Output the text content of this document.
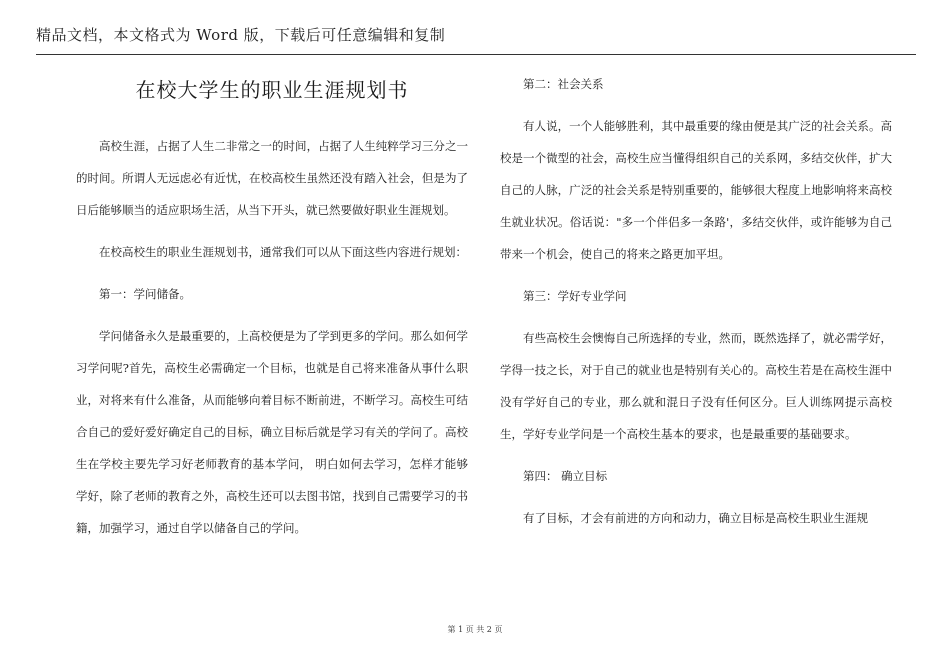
精品文档，本文格式为 Word 版，下载后可任意编辑和复制
在校大学生的职业生涯规划书

高校生涯，占据了人生二非常之一的时间，占据了人生纯粹学习三分之一的时间。所谓人无远虑必有近忧，在校高校生虽然还没有踏入社会，但是为了日后能够顺当的适应职场生活，从当下开头，就已然要做好职业生涯规划。

在校高校生的职业生涯规划书，通常我们可以从下面这些内容进行规划：

第一：学问储备。

学问储备永久是最重要的，上高校便是为了学到更多的学问。那么如何学习学问呢?首先，高校生必需确定一个目标，也就是自己将来准备从事什么职业，对将来有什么准备，从而能够向着目标不断前进，不断学习。高校生可结合自己的爱好爱好确定自己的目标，确立目标后就是学习有关的学问了。高校生在学校主要先学习好老师教育的基本学问， 明白如何去学习，怎样才能够学好，除了老师的教育之外，高校生还可以去图书馆，找到自己需要学习的书籍，加强学习，通过自学以储备自己的学问。

第二：社会关系

有人说，一个人能够胜利，其中最重要的缘由便是其广泛的社会关系。高校是一个微型的社会，高校生应当懂得组织自己的关系网，多结交伙伴，扩大自己的人脉，广泛的社会关系是特别重要的，能够很大程度上地影响将来高校生就业状况。俗话说："多一个伴侣多一条路'，多结交伙伴，或许能够为自己带来一个机会，使自己的将来之路更加平坦。

第三：学好专业学问

有些高校生会懊悔自己所选择的专业，然而，既然选择了，就必需学好，学得一技之长，对于自己的就业也是特别有关心的。高校生若是在高校生涯中没有学好自己的专业，那么就和混日子没有任何区分。巨人训练网提示高校生，学好专业学问是一个高校生基本的要求，也是最重要的基础要求。

第四： 确立目标

有了目标，才会有前进的方向和动力，确立目标是高校生职业生涯规

第 1 页 共 2 页
